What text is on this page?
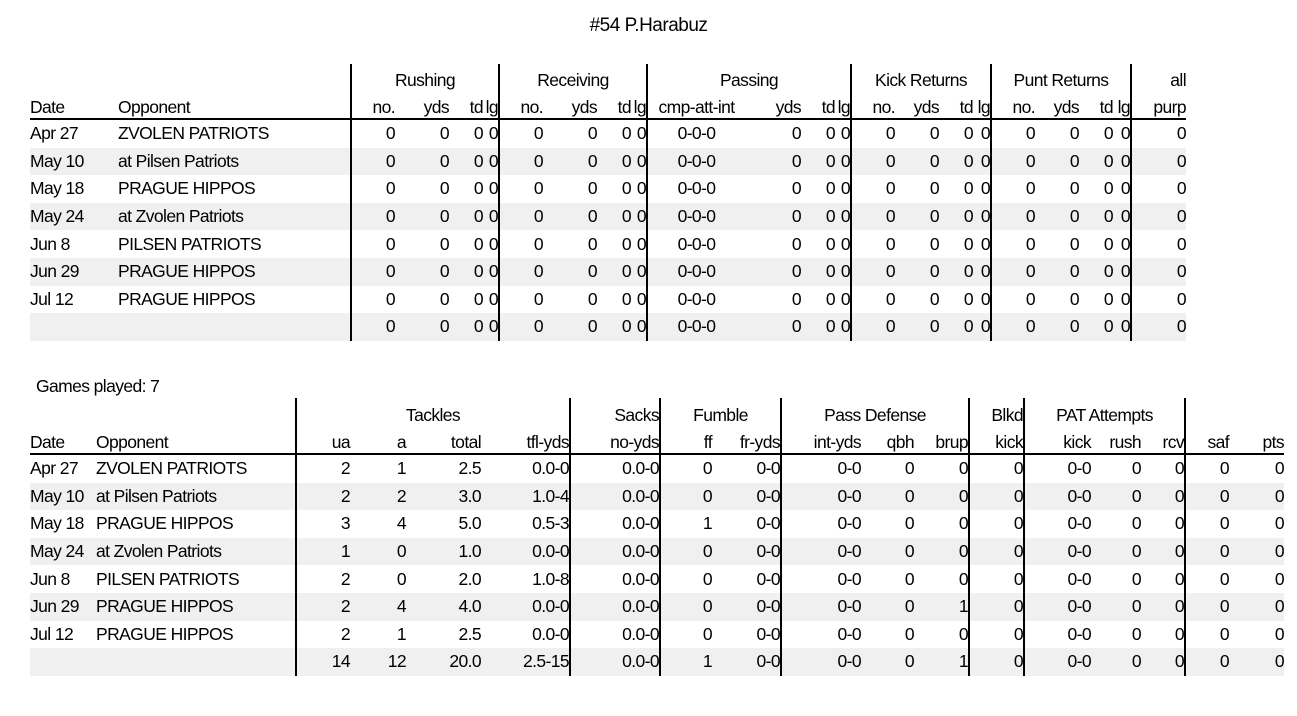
#54 P.Harabuz
		Rushing				Receiving				Passing				Kick Returns				Punt Returns				all
Date	Opponent	no.	yds	td	lg	no.	yds	td	lg	cmp-att-int	yds	td	lg	no.	yds	td	lg	no.	yds	td	lg	purp
Apr 27	ZVOLEN PATRIOTS	0	0	0	0	0	0	0	0	0-0-0	0	0	0	0	0	0	0	0	0	0	0	0
May 10	at Pilsen Patriots	0	0	0	0	0	0	0	0	0-0-0	0	0	0	0	0	0	0	0	0	0	0	0
May 18	PRAGUE HIPPOS	0	0	0	0	0	0	0	0	0-0-0	0	0	0	0	0	0	0	0	0	0	0	0
May 24	at Zvolen Patriots	0	0	0	0	0	0	0	0	0-0-0	0	0	0	0	0	0	0	0	0	0	0	0
Jun 8	PILSEN PATRIOTS	0	0	0	0	0	0	0	0	0-0-0	0	0	0	0	0	0	0	0	0	0	0	0
Jun 29	PRAGUE HIPPOS	0	0	0	0	0	0	0	0	0-0-0	0	0	0	0	0	0	0	0	0	0	0	0
Jul 12	PRAGUE HIPPOS	0	0	0	0	0	0	0	0	0-0-0	0	0	0	0	0	0	0	0	0	0	0	0
		0	0	0	0	0	0	0	0	0-0-0	0	0	0	0	0	0	0	0	0	0	0	0
Games played: 7
		Tackles				Sacks	Fumble		Pass Defense			Blkd	PAT Attempts				
Date	Opponent	ua	a	total	tfl-yds	no-yds	ff	fr-yds	int-yds	qbh	brup	kick	kick	rush	rcv	saf	pts
Apr 27	ZVOLEN PATRIOTS	2	1	2.5	0.0-0	0.0-0	0	0-0	0-0	0	0	0	0-0	0	0	0	0
May 10	at Pilsen Patriots	2	2	3.0	1.0-4	0.0-0	0	0-0	0-0	0	0	0	0-0	0	0	0	0
May 18	PRAGUE HIPPOS	3	4	5.0	0.5-3	0.0-0	1	0-0	0-0	0	0	0	0-0	0	0	0	0
May 24	at Zvolen Patriots	1	0	1.0	0.0-0	0.0-0	0	0-0	0-0	0	0	0	0-0	0	0	0	0
Jun 8	PILSEN PATRIOTS	2	0	2.0	1.0-8	0.0-0	0	0-0	0-0	0	0	0	0-0	0	0	0	0
Jun 29	PRAGUE HIPPOS	2	4	4.0	0.0-0	0.0-0	0	0-0	0-0	0	1	0	0-0	0	0	0	0
Jul 12	PRAGUE HIPPOS	2	1	2.5	0.0-0	0.0-0	0	0-0	0-0	0	0	0	0-0	0	0	0	0
		14	12	20.0	2.5-15	0.0-0	1	0-0	0-0	0	1	0	0-0	0	0	0	0
